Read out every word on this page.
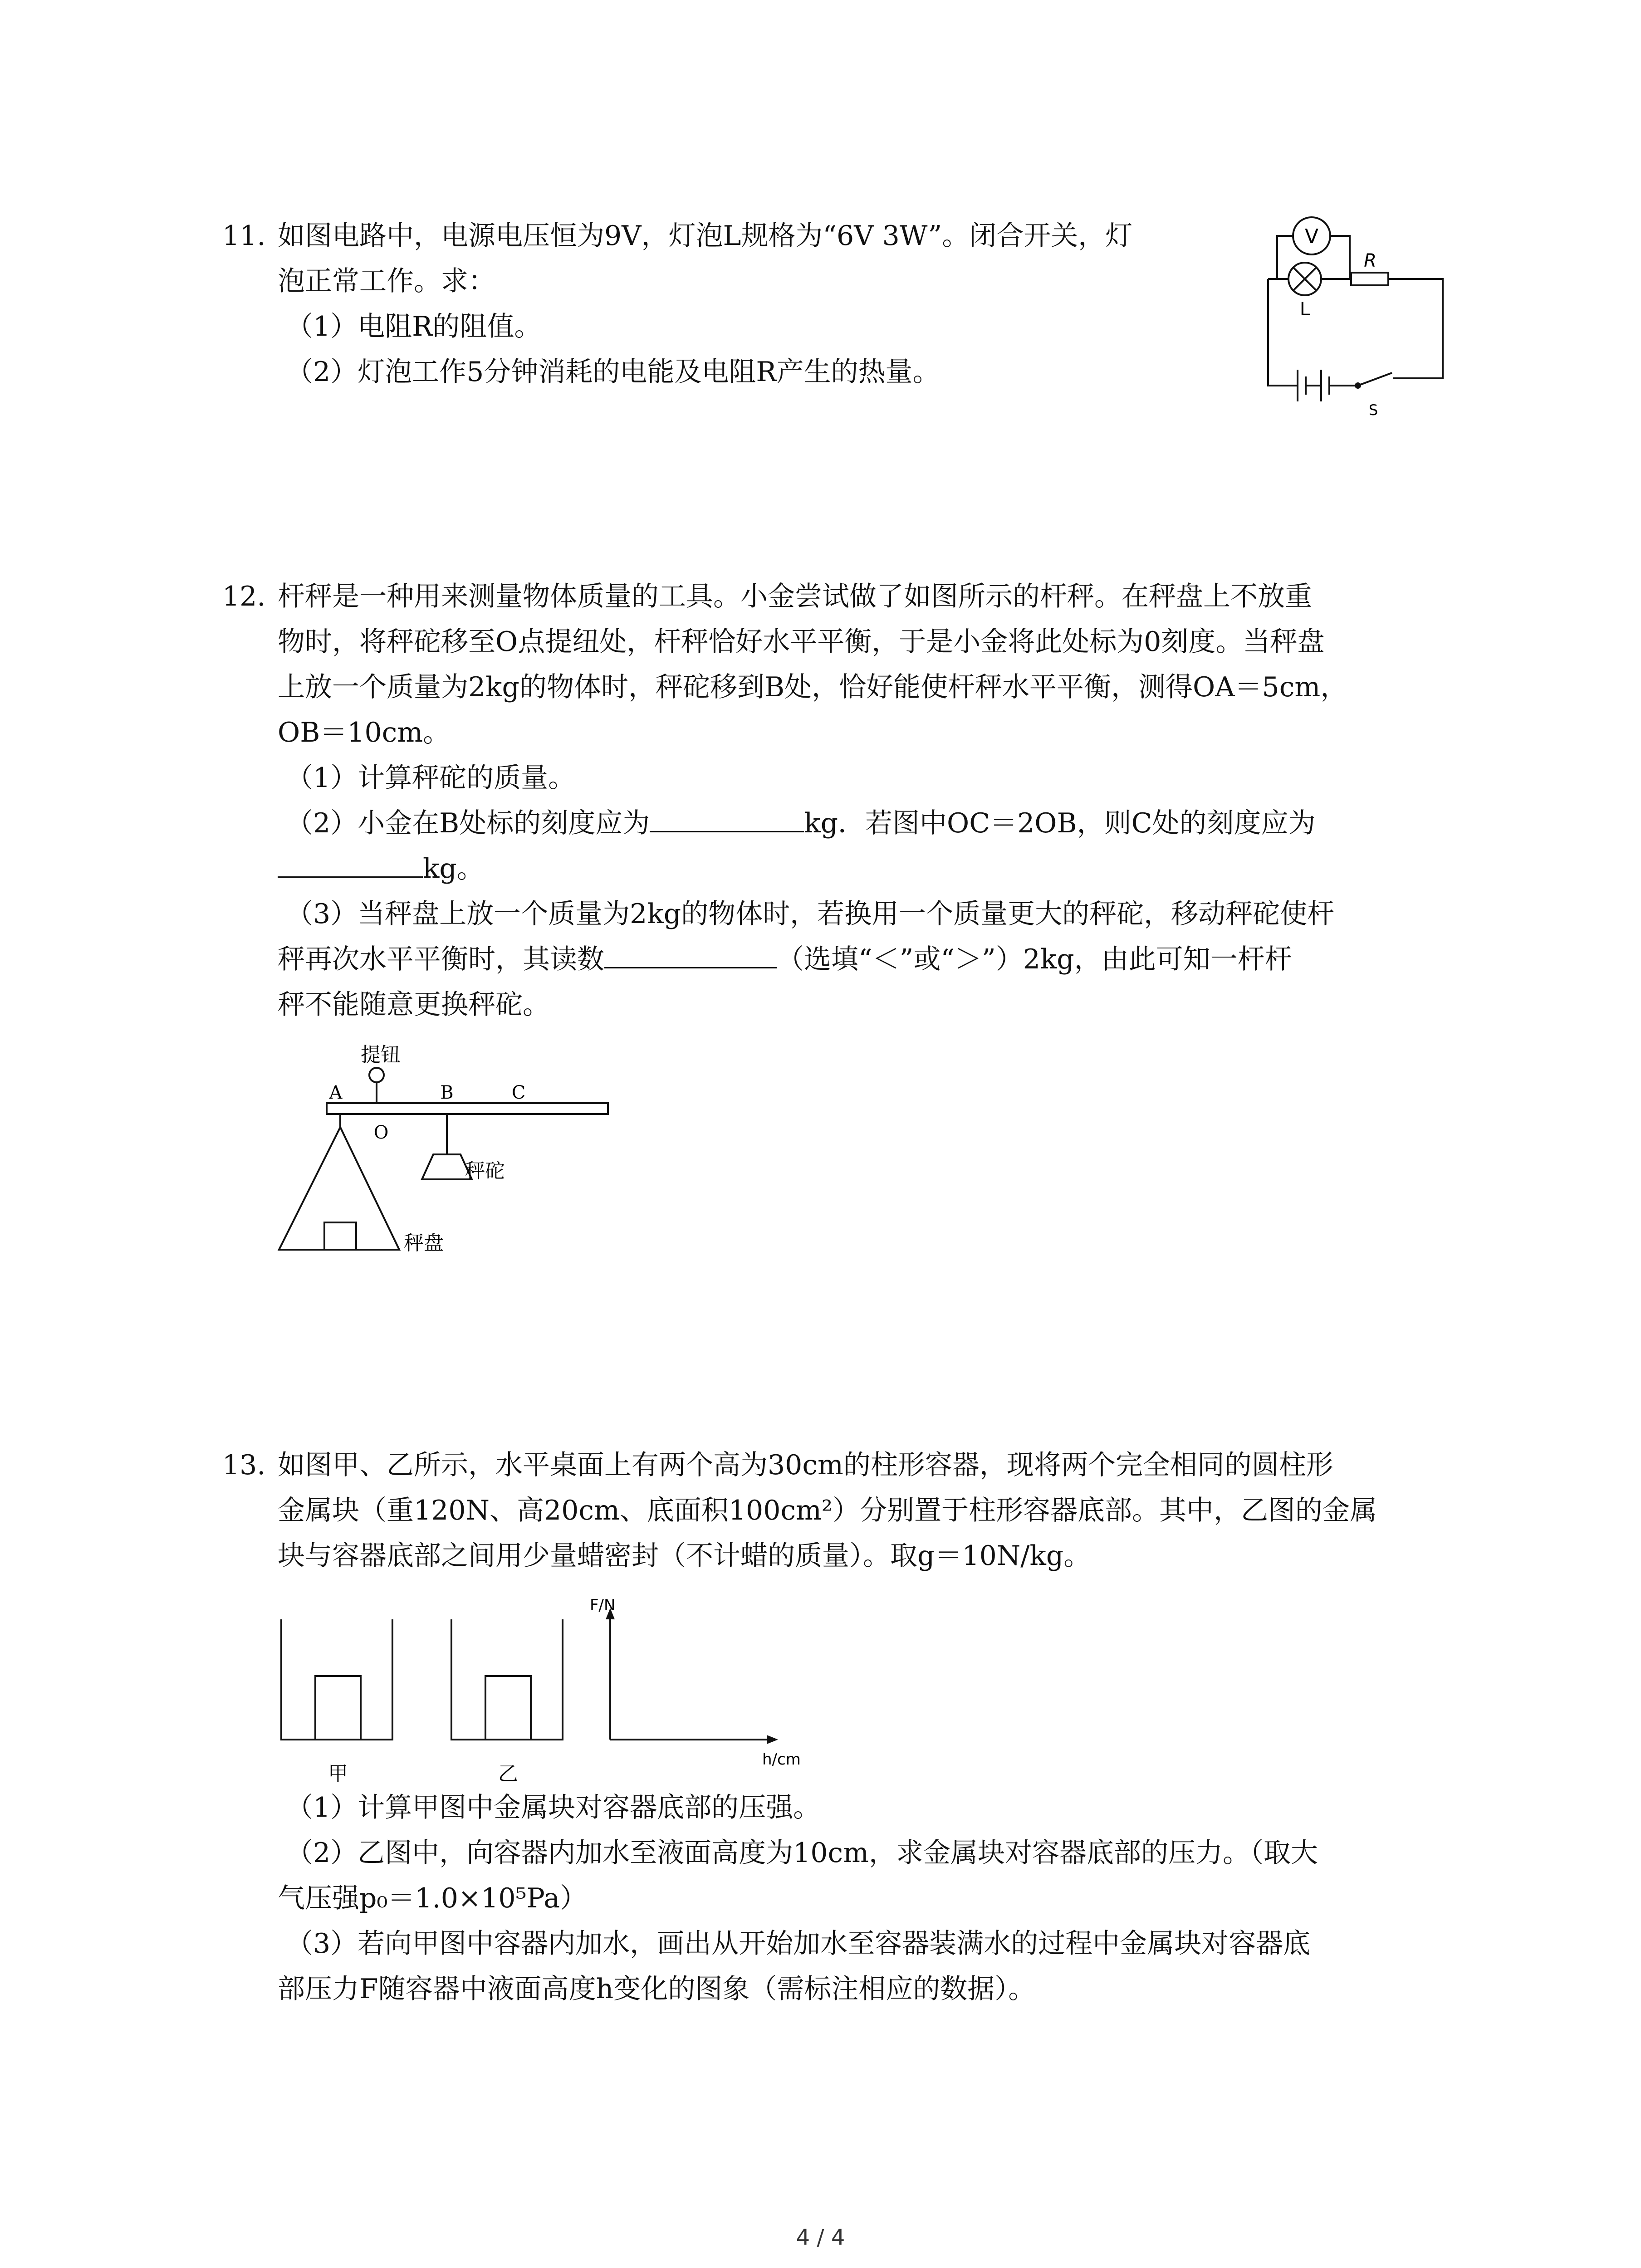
11. 如图电路中，电源电压恒为9V，灯泡L规格为“6V 3W”。闭合开关，灯
泡正常工作。求：
（1）电阻R的阻值。
（2）灯泡工作5分钟消耗的电能及电阻R产生的热量。
V
L
R
S
12. 杆秤是一种用来测量物体质量的工具。小金尝试做了如图所示的杆秤。在秤盘上不放重
物时，将秤砣移至O点提纽处，杆秤恰好水平平衡，于是小金将此处标为0刻度。当秤盘
上放一个质量为2kg的物体时，秤砣移到B处，恰好能使杆秤水平平衡，测得OA＝5cm，
OB＝10cm。
（1）计算秤砣的质量。
（2）小金在B处标的刻度应为	kg．若图中OC＝2OB，则C处的刻度应为
kg。
（3）当秤盘上放一个质量为2kg的物体时，若换用一个质量更大的秤砣，移动秤砣使杆
秤再次水平平衡时，其读数	（选填“＜”或“＞”）2kg，由此可知一杆杆
秤不能随意更换秤砣。
提钮
A	B	C
O
秤砣
秤盘
13. 如图甲、乙所示，水平桌面上有两个高为30cm的柱形容器，现将两个完全相同的圆柱形
金属块（重120N、高20cm、底面积100cm²）分别置于柱形容器底部。其中，乙图的金属
块与容器底部之间用少量蜡密封（不计蜡的质量）。取g＝10N/kg。
甲	乙
F/N
h/cm
（1）计算甲图中金属块对容器底部的压强。
（2）乙图中，向容器内加水至液面高度为10cm，求金属块对容器底部的压力。（取大
气压强p₀＝1.0×10⁵Pa）
（3）若向甲图中容器内加水，画出从开始加水至容器装满水的过程中金属块对容器底
部压力F随容器中液面高度h变化的图象（需标注相应的数据）。
4 / 4
